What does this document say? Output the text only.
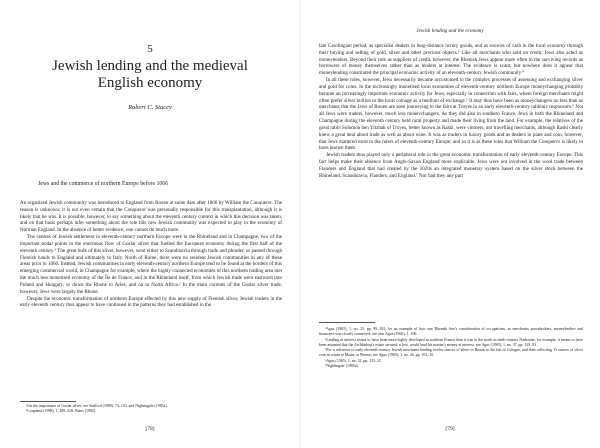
5
Jewish lending and the medieval
English economy
Robert C. Stacey
Jews and the commerce of northern Europe before 1066

An organized Jewish community was introduced to England from Rouen at some date after 1066 by William the Conqueror. The reason is unknown; it is not even certain that the Conqueror was personally responsible for this transplantation, although it is likely that he was. It is possible, however, to say something about the eleventh century context in which this decision was taken, and on that basis perhaps infer something about the role this new Jewish community was expected to play in the economy of Norman England. In the absence of better evidence, one cannot do much more.

The centres of Jewish settlement in eleventh-century northern Europe were in the Rhineland and in Champagne, two of the important nodal points in the enormous flow of Goslar silver that fuelled the European economy during the first half of the eleventh century.¹ The great bulk of this silver, however, went either to Scandinavia through trade and plunder, or passed through Flemish hands to England and ultimately to Italy. North of Rome, there were no resident Jewish communities in any of these areas prior to 1066. Instead, Jewish communities in early eleventh-century northern Europe tend to be found at the borders of this emerging commercial world, in Champagne for example, where the highly connected economies of this northern trading area met the much less monetised economy of the Île de France, and in the Rhineland itself, from which Jewish trade went eastward into Poland and Hungary, or down the Rhone to Arles, and on to North Africa.² In the main currents of the Goslar silver trade, however, Jews were largely the Rhone.

Despite the economic transformation of northern Europe effected by this new supply of Flemish silver, Jewish traders in the early eleventh century thus appear to have continued in the patterns they had established in the

¹On the importance of Goslar silver, see Stafford (1989), 74–103, and Nightingale (1985a).

²Coupland (1988), 1, 489–528; Bates (1982).

[78]
Jewish lending and the economy

late Carolingian period, as specialist dealers in long-distance luxury goods, and as sources of cash in the local economy through their buying and selling of gold, silver and other precious objects.³ Like all merchants who sold on credit, Jews also acted as moneylenders. Beyond their role as suppliers of credit, however, the Rhenish Jews appear more often in the surviving records as borrowers of money themselves rather than as lenders at interest. The evidence is scant, but nowhere does it appear that moneylending constituted the principal economic activity of an eleventh-century Jewish community.⁴

In all these roles, however, Jews necessarily became accustomed to the complex processes of assessing and exchanging silver and gold for coins. In the increasingly monetised local economies of eleventh-century northern Europe moneychanging probably became an increasingly important economic activity for Jews, especially in connection with fairs, where foreign merchants might often prefer silver bullion to the local coinage as a medium of exchange.⁵ It may thus have been as moneychangers no less than as merchants that the Jews of Rouen are seen journeying to the fairs at Troyes in an early eleventh-century rabbinic responsum.⁶ Not all Jews were traders, however, much less moneychangers. As they did also in southern France, Jews in both the Rhineland and Champagne during the eleventh century held rural property and made their living from the land. For example, the relatives of the great rabbi Solomon ben Yitzhak of Troyes, better known as Rashi, were vintners, not travelling merchants, although Rashi clearly knew a great deal about trade as well as about wine. It was as traders in luxury goods and as dealers in plate and coin, however, that Jews mattered most to the rulers of eleventh-century Europe; and so it is as these roles that William the Conqueror is likely to have known them.

Jewish traders thus played only a peripheral role in the great economic transformation of early eleventh-century Europe. This fact helps make their absence from Anglo-Saxon England more explicable. Jews were not involved in the wool trade between Flanders and England that had created by the 1020s an integrated monetary system based on the silver stock between the Rhineland, Scandinavia, Flanders, and England.⁷ Nor had they any part

³Agus (1965), 1, no. 25, pp. 99–103, for an example of how one Rhenish Jew's consideration of occupations, as merchants, pawnbrokers, moneylenders and financiers was closely connected; see also Agus (1965), 1, 106.

⁴Lending at interest seems to have been more highly developed in southern France than it was in the north in tenth-century Narbonne, for example, it seems to have been assumed that the Archbishop's estate secured, a Jew, would lend his master's money at interest: see Agus (1965), 1, no. 37, pp. 139–93.

⁵For a reference to early eleventh century Jewish merchants lending twelve ounces of silver to Rouen to the fair of Cologne, and then collecting 13 ounces of silver coin in return at Mainz or Worms, see Agus (1965), 1, no. 26, pp. 103–10.

⁶Agus (1965), 1, no. 32, pp. 123–31.

⁷Nightingale (1985a).

[79]
